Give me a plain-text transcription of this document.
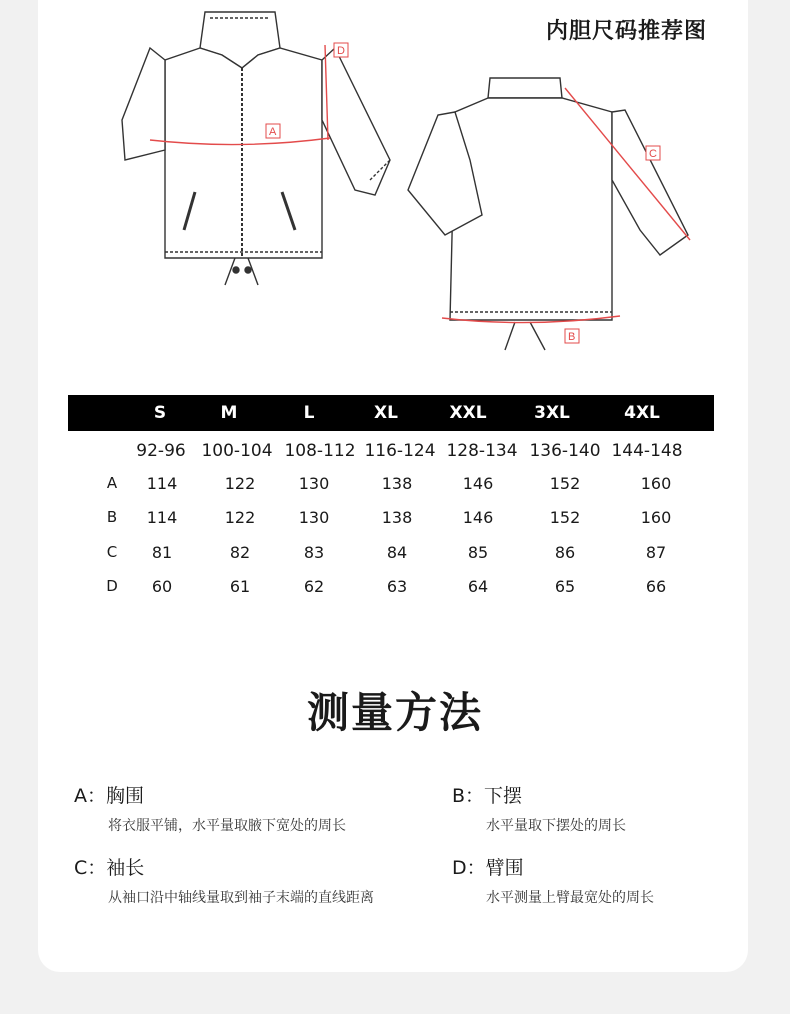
内胆尺码推荐图
A
D
C
B
S	M	L	XL	XXL	3XL	4XL
92-96 100-104 108-112 116-124 128-134 136-140 144-148
A 114	122	130	138	146	152	160
B 114	122	130	138	146	152	160
C 81	82	83	84	85	86	87
D 60	61	62	63	64	65	66
测量方法
A：胸围
将衣服平铺，水平量取腋下宽处的周长
B：下摆
水平量取下摆处的周长
C：袖长
从袖口沿中轴线量取到袖子末端的直线距离
D：臂围
水平测量上臂最宽处的周长
